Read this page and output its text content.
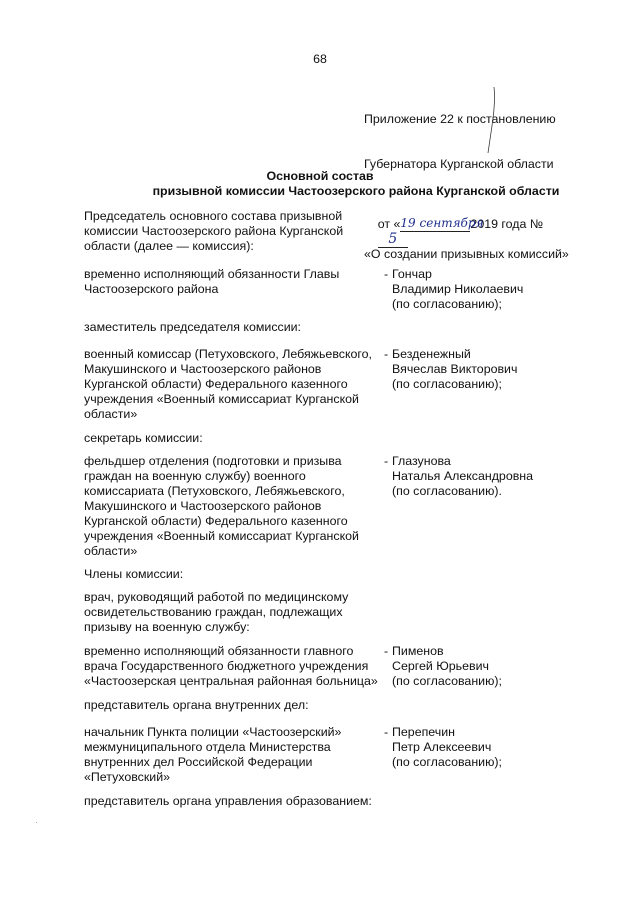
68

Приложение 22 к постановлению

Губернатора Курганской области

от «19 сентября2019 года №
5

«О создании призывных комиссий»

Основной состав
призывной комиссии Частоозерского района Курганской области
Председатель основного состава призывной
комиссии Частоозерского района Курганской
области (далее — комиссия):
временно исполняющий обязанности Главы
Частоозерского района
- Гончар
Владимир Николаевич
(по согласованию);
заместитель председателя комиссии:
военный комиссар (Петуховского, Лебяжьевского,
Макушинского и Частоозерского районов
Курганской области) Федерального казенного
учреждения «Военный комиссариат Курганской
области»
- Безденежный
Вячеслав Викторович
(по согласованию);
секретарь комиссии:
фельдшер отделения (подготовки и призыва
граждан на военную службу) военного
комиссариата (Петуховского, Лебяжьевского,
Макушинского и Частоозерского районов
Курганской области) Федерального казенного
учреждения «Военный комиссариат Курганской
области»
- Глазунова
Наталья Александровна
(по согласованию).
Члены комиссии:
врач, руководящий работой по медицинскому
освидетельствованию граждан, подлежащих
призыву на военную службу:
временно исполняющий обязанности главного
врача Государственного бюджетного учреждения
«Частоозерская центральная районная больница»
- Пименов
Сергей Юрьевич
(по согласованию);
представитель органа внутренних дел:
начальник Пункта полиции «Частоозерский»
межмуниципального отдела Министерства
внутренних дел Российской Федерации
«Петуховский»
- Перепечин
Петр Алексеевич
(по согласованию);
представитель органа управления образованием:
